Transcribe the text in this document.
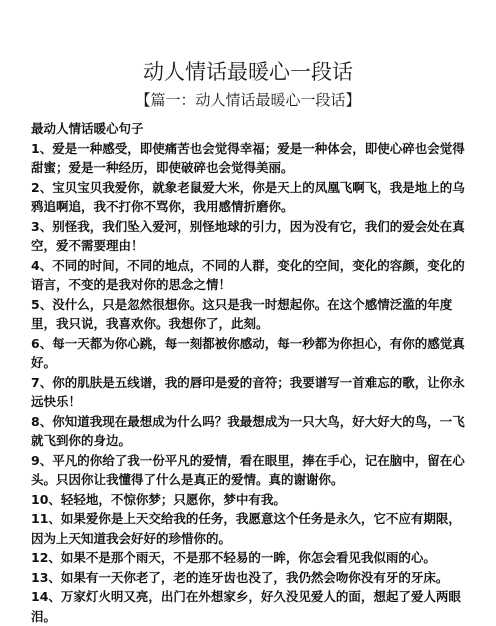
动人情话最暖心一段话
【篇一：动人情话最暖心一段话】

最动人情话暖心句子

1、爱是一种感受，即使痛苦也会觉得幸福；爱是一种体会，即使心碎也会觉得甜蜜；爱是一种经历，即使破碎也会觉得美丽。

2、宝贝宝贝我爱你，就象老鼠爱大米，你是天上的凤凰飞啊飞，我是地上的乌鸦追啊追，我不打你不骂你，我用感情折磨你。

3、别怪我，我们坠入爱河，别怪地球的引力，因为没有它，我们的爱会处在真空，爱不需要理由！

4、不同的时间，不同的地点，不同的人群，变化的空间，变化的容颜，变化的语言，不变的是我对你的思念之情！

5、没什么，只是忽然很想你。这只是我一时想起你。在这个感情泛滥的年度里，我只说，我喜欢你。我想你了，此刻。

6、每一天都为你心跳，每一刻都被你感动，每一秒都为你担心，有你的感觉真好。

7、你的肌肤是五线谱，我的唇印是爱的音符；我要谱写一首难忘的歌，让你永远快乐！

8、你知道我现在最想成为什么吗？我最想成为一只大鸟，好大好大的鸟，一飞就飞到你的身边。

9、平凡的你给了我一份平凡的爱情，看在眼里，捧在手心，记在脑中，留在心头。只因你让我懂得了什么是真正的爱情。真的谢谢你。

10、轻轻地，不惊你梦；只愿你，梦中有我。

11、如果爱你是上天交给我的任务，我愿意这个任务是永久，它不应有期限，因为上天知道我会好好的珍惜你的。

12、如果不是那个雨天，不是那不轻易的一眸，你怎会看见我似雨的心。

13、如果有一天你老了，老的连牙齿也没了，我仍然会吻你没有牙的牙床。

14、万家灯火明又亮，出门在外想家乡，好久没见爱人的面，想起了爱人两眼泪。
